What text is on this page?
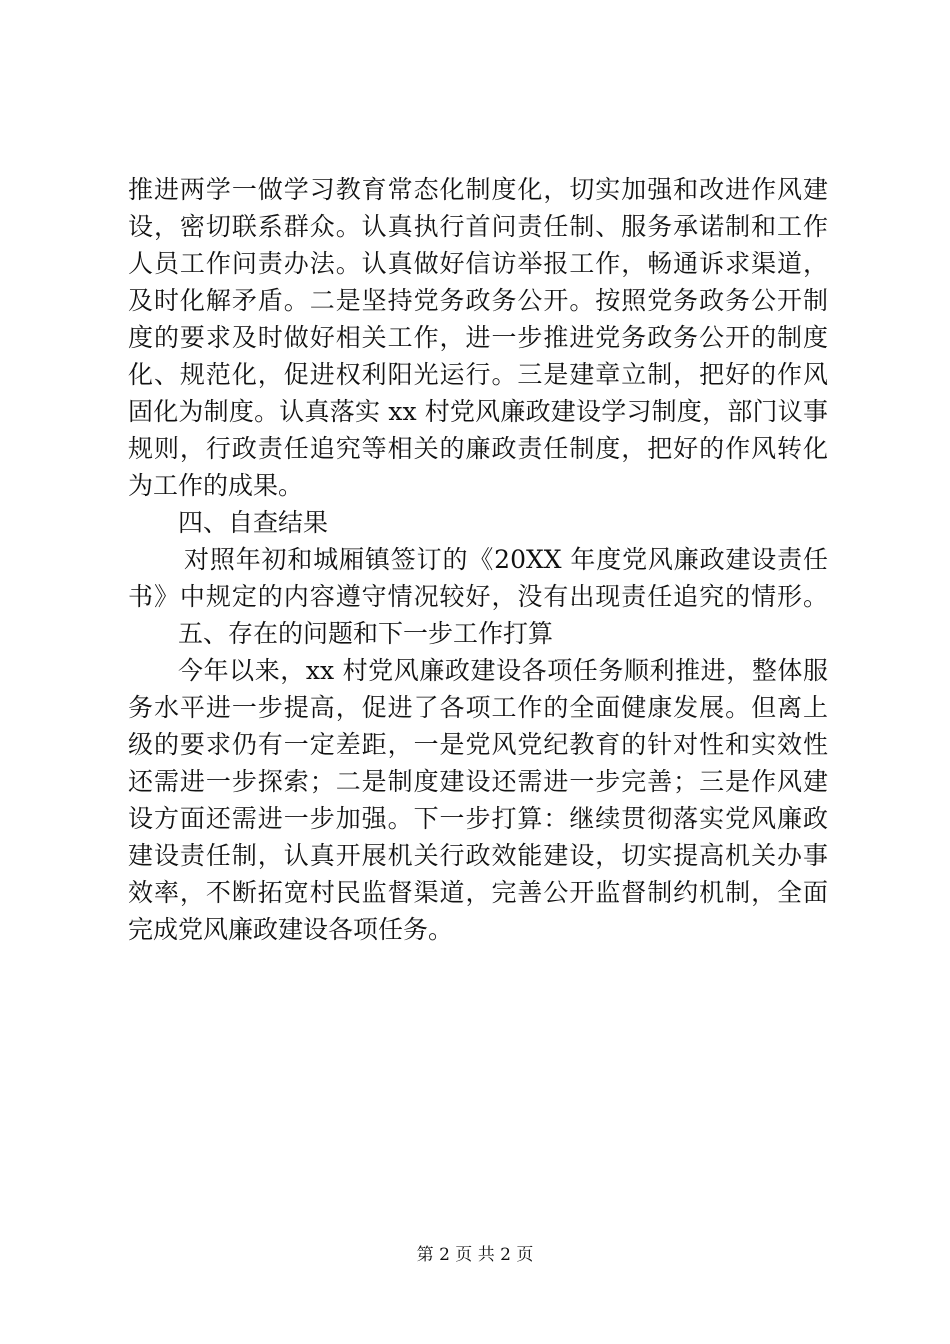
推进两学一做学习教育常态化制度化，切实加强和改进作风建
设，密切联系群众。认真执行首问责任制、服务承诺制和工作
人员工作问责办法。认真做好信访举报工作，畅通诉求渠道，
及时化解矛盾。二是坚持党务政务公开。按照党务政务公开制
度的要求及时做好相关工作，进一步推进党务政务公开的制度
化、规范化，促进权利阳光运行。三是建章立制，把好的作风
固化为制度。认真落实 xx 村党风廉政建设学习制度，部门议事
规则，行政责任追究等相关的廉政责任制度，把好的作风转化
为工作的成果。
四、自查结果
对照年初和城厢镇签订的《20XX 年度党风廉政建设责任
书》中规定的内容遵守情况较好，没有出现责任追究的情形。
五、存在的问题和下一步工作打算
今年以来，xx 村党风廉政建设各项任务顺利推进，整体服
务水平进一步提高，促进了各项工作的全面健康发展。但离上
级的要求仍有一定差距，一是党风党纪教育的针对性和实效性
还需进一步探索；二是制度建设还需进一步完善；三是作风建
设方面还需进一步加强。下一步打算：继续贯彻落实党风廉政
建设责任制，认真开展机关行政效能建设，切实提高机关办事
效率，不断拓宽村民监督渠道，完善公开监督制约机制，全面
完成党风廉政建设各项任务。
第 2 页 共 2 页
